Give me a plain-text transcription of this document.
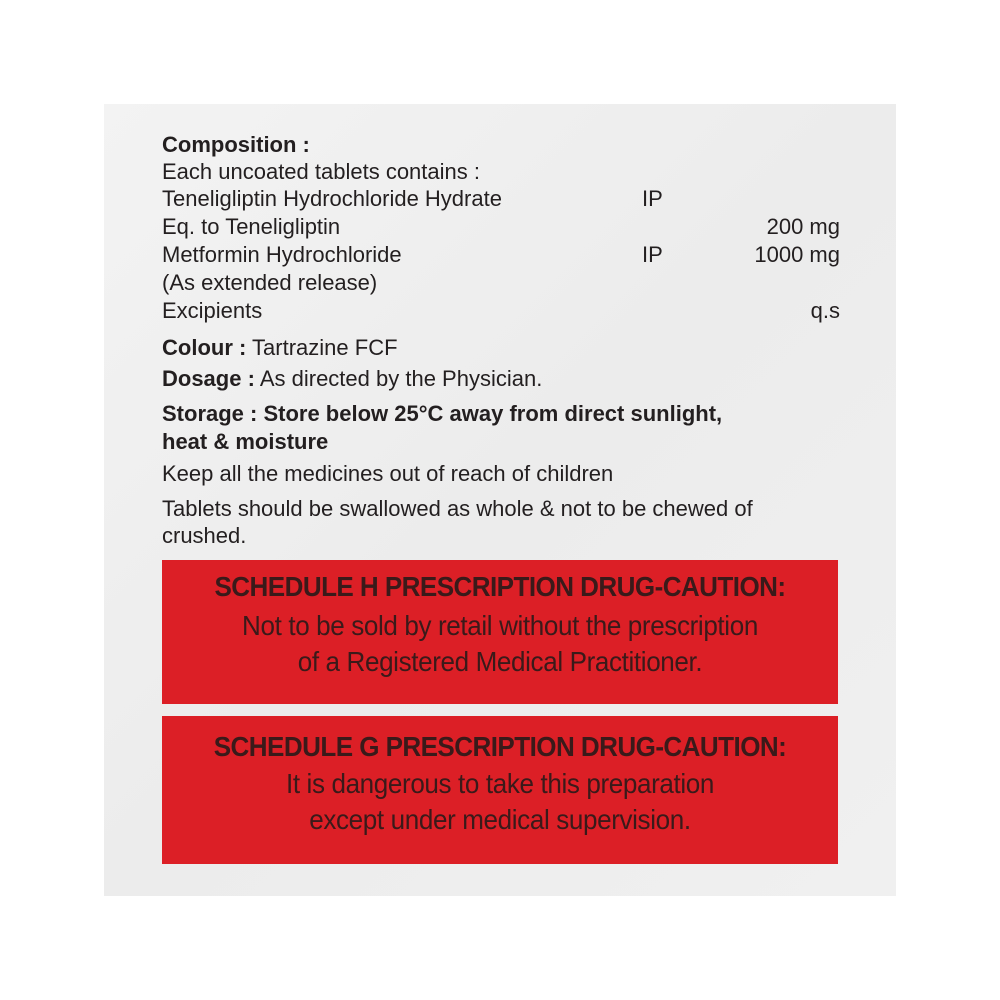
Composition :
Each uncoated tablets contains :
Teneligliptin Hydrochloride Hydrate	IP
Eq. to Teneligliptin	200 mg
Metformin Hydrochloride	IP	1000 mg
(As extended release)
Excipients	q.s
Colour : Tartrazine FCF
Dosage : As directed by the Physician.
Storage : Store below 25°C away from direct sunlight,
heat & moisture
Keep all the medicines out of reach of children
Tablets should be swallowed as whole & not to be chewed of
crushed.
SCHEDULE H PRESCRIPTION DRUG-CAUTION:
Not to be sold by retail without the prescription
of a Registered Medical Practitioner.
SCHEDULE G PRESCRIPTION DRUG-CAUTION:
It is dangerous to take this preparation
except under medical supervision.
